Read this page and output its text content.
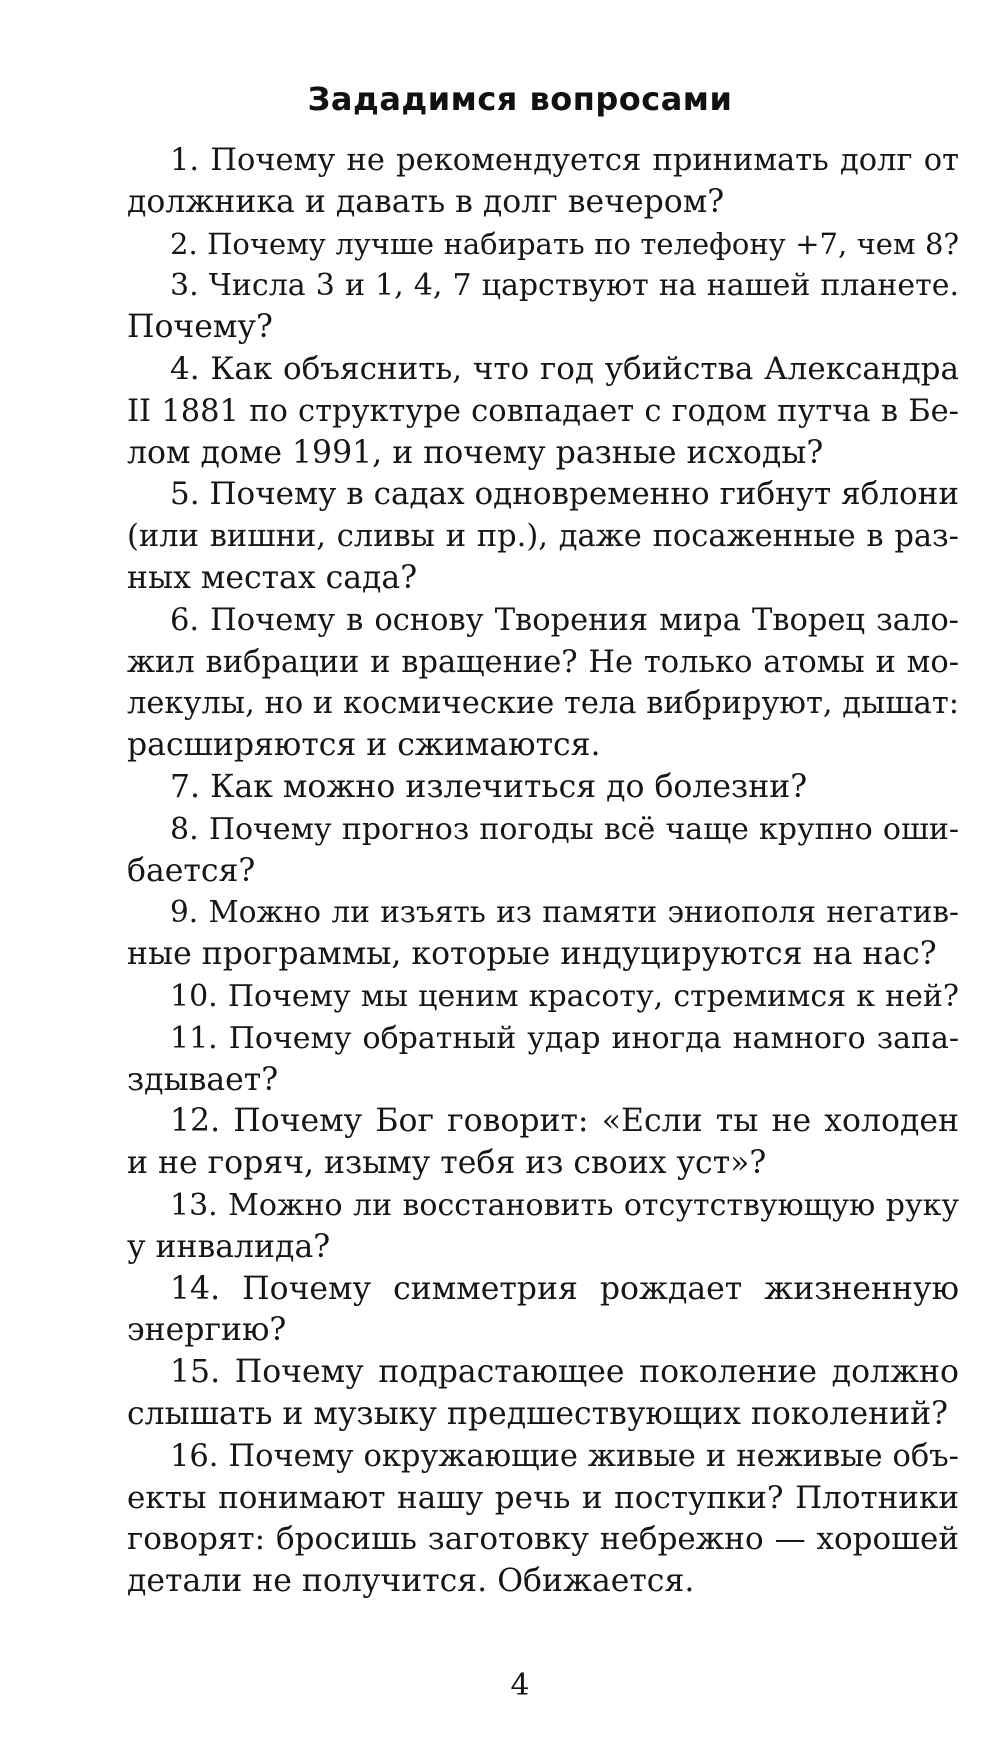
Зададимся вопросами
1. Почему не рекомендуется принимать долг от
должника и давать в долг вечером?
2. Почему лучше набирать по телефону +7, чем 8?
3. Числа 3 и 1, 4, 7 царствуют на нашей планете.
Почему?
4. Как объяснить, что год убийства Александра
II 1881 по структуре совпадает с годом путча в Бе-
лом доме 1991, и почему разные исходы?
5. Почему в садах одновременно гибнут яблони
(или вишни, сливы и пр.), даже посаженные в раз-
ных местах сада?
6. Почему в основу Творения мира Творец зало-
жил вибрации и вращение? Не только атомы и мо-
лекулы, но и космические тела вибрируют, дышат:
расширяются и сжимаются.
7. Как можно излечиться до болезни?
8. Почему прогноз погоды всё чаще крупно оши-
бается?
9. Можно ли изъять из памяти эниополя негатив-
ные программы, которые индуцируются на нас?
10. Почему мы ценим красоту, стремимся к ней?
11. Почему обратный удар иногда намного запа-
здывает?
12. Почему Бог говорит: «Если ты не холоден
и не горяч, изыму тебя из своих уст»?
13. Можно ли восстановить отсутствующую руку
у инвалида?
14. Почему симметрия рождает жизненную
энергию?
15. Почему подрастающее поколение должно
слышать и музыку предшествующих поколений?
16. Почему окружающие живые и неживые объ-
екты понимают нашу речь и поступки? Плотники
говорят: бросишь заготовку небрежно — хорошей
детали не получится. Обижается.
4
